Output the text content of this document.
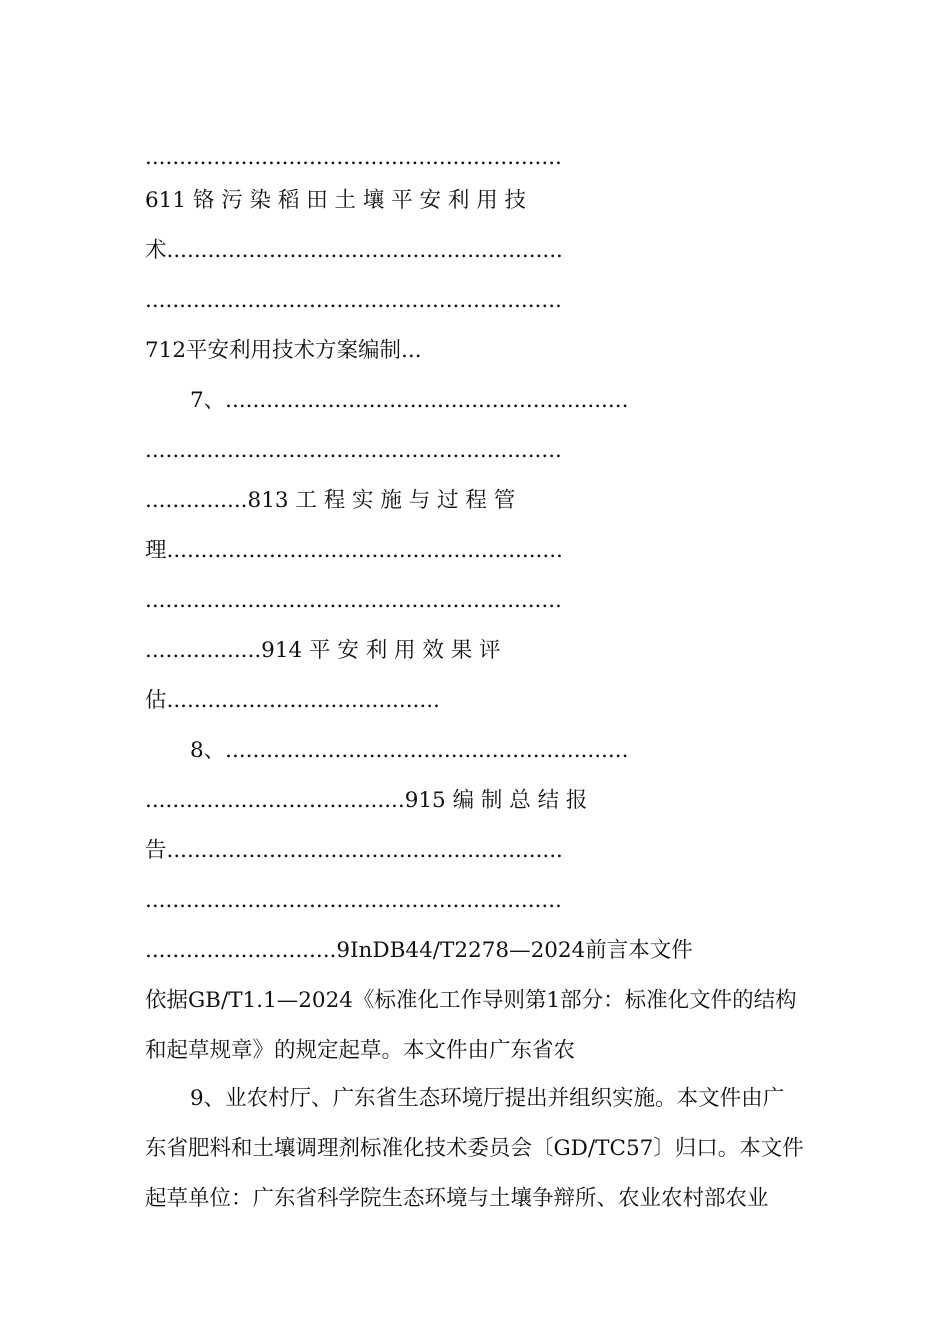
.............................................................
611 铬 污 染 稻 田 土 壤 平 安 利 用 技
术..........................................................
.............................................................
712平安利用技术方案编制...
7、...........................................................
.............................................................
...............813 工 程 实 施 与 过 程 管
理..........................................................
.............................................................
.................914 平 安 利 用 效 果 评
估........................................
8、...........................................................
......................................915 编 制 总 结 报
告..........................................................
.............................................................
............................9InDB44/T2278—2024前言本文件
依据GB/T1.1—2024《标准化工作导则第1部分：标准化文件的结构
和起草规章》的规定起草。本文件由广东省农
9、业农村厅、广东省生态环境厅提出并组织实施。本文件由广
东省肥料和土壤调理剂标准化技术委员会〔GD/TC57〕归口。本文件
起草单位：广东省科学院生态环境与土壤争辩所、农业农村部农业
